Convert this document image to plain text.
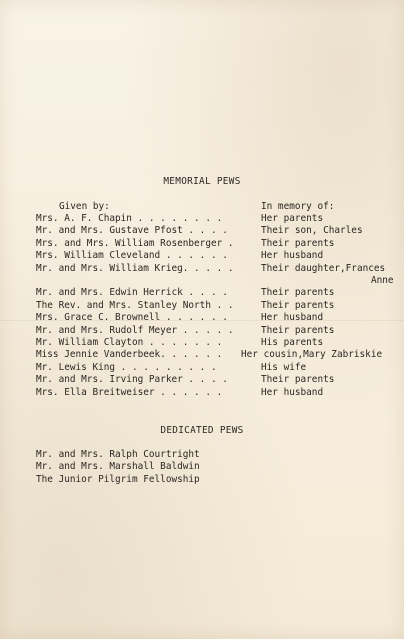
MEMORIAL PEWS
Given by:	In memory of:
Mrs. A. F. Chapin . . . . . . . .	Her parents
Mr. and Mrs. Gustave Pfost . . . .	Their son, Charles
Mrs. and Mrs. William Rosenberger .	Their parents
Mrs. William Cleveland . . . . . .	Her husband
Mr. and Mrs. William Krieg. . . . .	Their daughter,Frances
Anne
Mr. and Mrs. Edwin Herrick . . . .	Their parents
The Rev. and Mrs. Stanley North . .	Their parents
Mrs. Grace C. Brownell . . . . . .	Her husband
Mr. and Mrs. Rudolf Meyer . . . . .	Their parents
Mr. William Clayton . . . . . . .	His parents
Miss Jennie Vanderbeek. . . . . . Her cousin,Mary Zabriskie
Mr. Lewis King . . . . . . . . .	His wife
Mr. and Mrs. Irving Parker . . . .	Their parents
Mrs. Ella Breitweiser . . . . . .	Her husband
DEDICATED PEWS
Mr. and Mrs. Ralph Courtright
Mr. and Mrs. Marshall Baldwin
The Junior Pilgrim Fellowship
